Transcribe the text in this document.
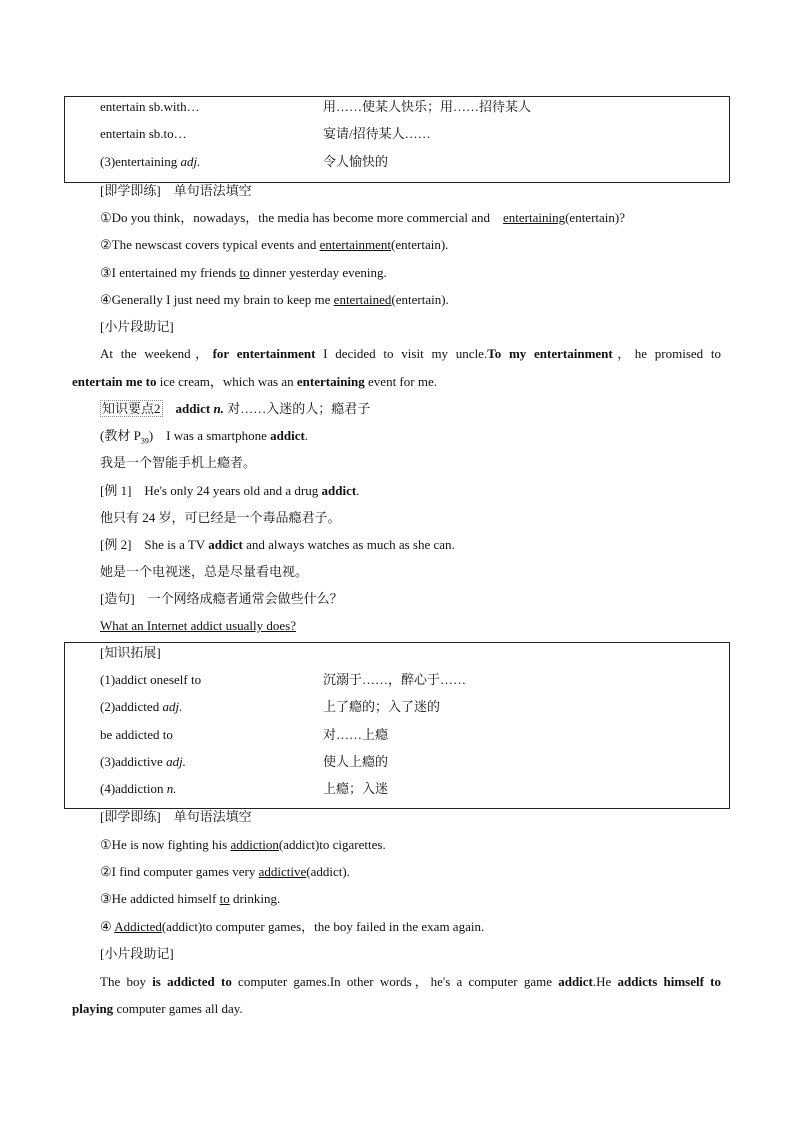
entertain sb.with…	用……使某人快乐；用……招待某人
entertain sb.to…	宴请/招待某人……
(3)entertaining adj.	令人愉快的
[即学即练]　单句语法填空
①Do you think，nowadays，the media has become more commercial and　entertaining(entertain)?
②The newscast covers typical events and entertainment(entertain).
③I entertained my friends to dinner yesterday evening.
④Generally I just need my brain to keep me entertained(entertain).
[小片段助记]
At the weekend，for entertainment I decided to visit my uncle.To my entertainment，he promised to
entertain me to ice cream，which was an entertaining event for me.
知识要点2　 addict n. 对……入迷的人；瘾君子
(教材 $P_{39}$)　I was a smartphone addict.
我是一个智能手机上瘾者。
[例 1]　He's only 24 years old and a drug addict.
他只有 24 岁，可已经是一个毒品瘾君子。
[例 2]　She is a TV addict and always watches as much as she can.
她是一个电视迷，总是尽量看电视。
[造句]　一个网络成瘾者通常会做些什么？
What an Internet addict usually does?
[知识拓展]
(1)addict oneself to	沉溺于……，醉心于……
(2)addicted adj.	上了瘾的；入了迷的
be addicted to	对……上瘾
(3)addictive adj.	使人上瘾的
(4)addiction n.	上瘾；入迷
[即学即练]　单句语法填空
①He is now fighting his addiction(addict)to cigarettes.
②I find computer games very addictive(addict).
③He addicted himself to drinking.
④ Addicted(addict)to computer games，the boy failed in the exam again.
[小片段助记]
The boy is addicted to computer games.In other words，he's a computer game addict.He addicts himself to
playing computer games all day.
